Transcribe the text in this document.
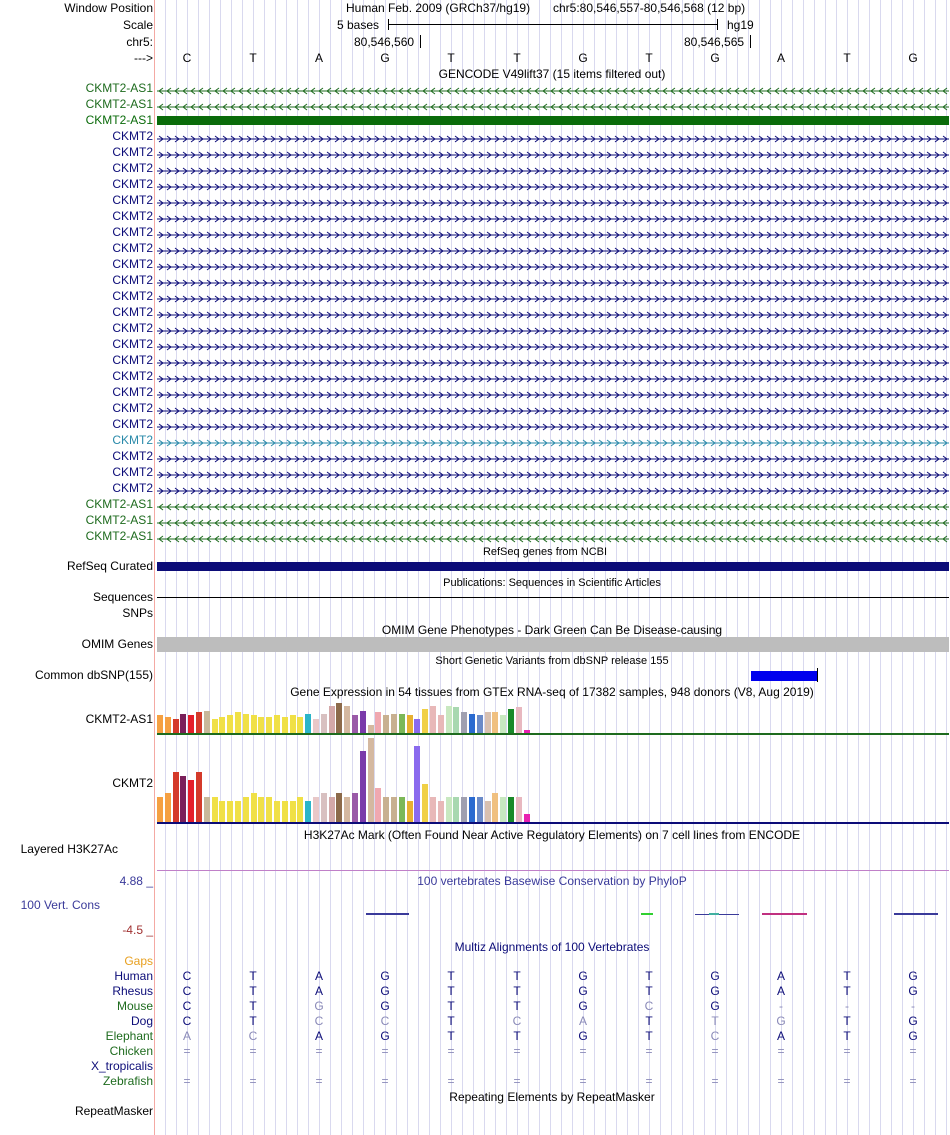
Window Position
Scale
chr5:
--->
Human Feb. 2009 (GRCh37/hg19) chr5:80,546,557-80,546,568 (12 bp)
5 bases	hg19
80,546,560	80,546,565
C	T	A	G	T	T	G	T	G	A	T	G
GENCODE V49lift37 (15 items filtered out)
CKMT2-AS1
CKMT2-AS1
CKMT2-AS1
CKMT2
CKMT2
CKMT2
CKMT2
CKMT2
CKMT2
CKMT2
CKMT2
CKMT2
CKMT2
CKMT2
CKMT2
CKMT2
CKMT2
CKMT2
CKMT2
CKMT2
CKMT2
CKMT2
CKMT2
CKMT2
CKMT2
CKMT2
CKMT2-AS1
CKMT2-AS1
CKMT2-AS1
RefSeq genes from NCBI
RefSeq Curated
Publications: Sequences in Scientific Articles
Sequences
SNPs
OMIM Gene Phenotypes - Dark Green Can Be Disease-causing
OMIM Genes
Short Genetic Variants from dbSNP release 155
Common dbSNP(155)
Gene Expression in 54 tissues from GTEx RNA-seq of 17382 samples, 948 donors (V8, Aug 2019)
CKMT2-AS1
CKMT2
H3K27Ac Mark (Often Found Near Active Regulatory Elements) on 7 cell lines from ENCODE
Layered H3K27Ac
100 vertebrates Basewise Conservation by PhyloP
4.88 _
100 Vert. Cons
-4.5 _
Multiz Alignments of 100 Vertebrates
Gaps
Human	C	T	A	G	T	T	G	T	G	A	T	G
Rhesus	C	T	A	G	T	T	G	T	G	A	T	G
Mouse	C	T	G	G	T	T	G	C	G	-	-	-
Dog	C	T	C	C	T	C	A	T	T	G	T	G
Elephant	A	C	A	G	T	T	G	T	C	A	T	G
Chicken	=	=	=	=	=	=	=	=	=	=	=	=
X_tropicalis
Zebrafish	=	=	=	=	=	=	=	=	=	=	=	=
Repeating Elements by RepeatMasker
RepeatMasker
